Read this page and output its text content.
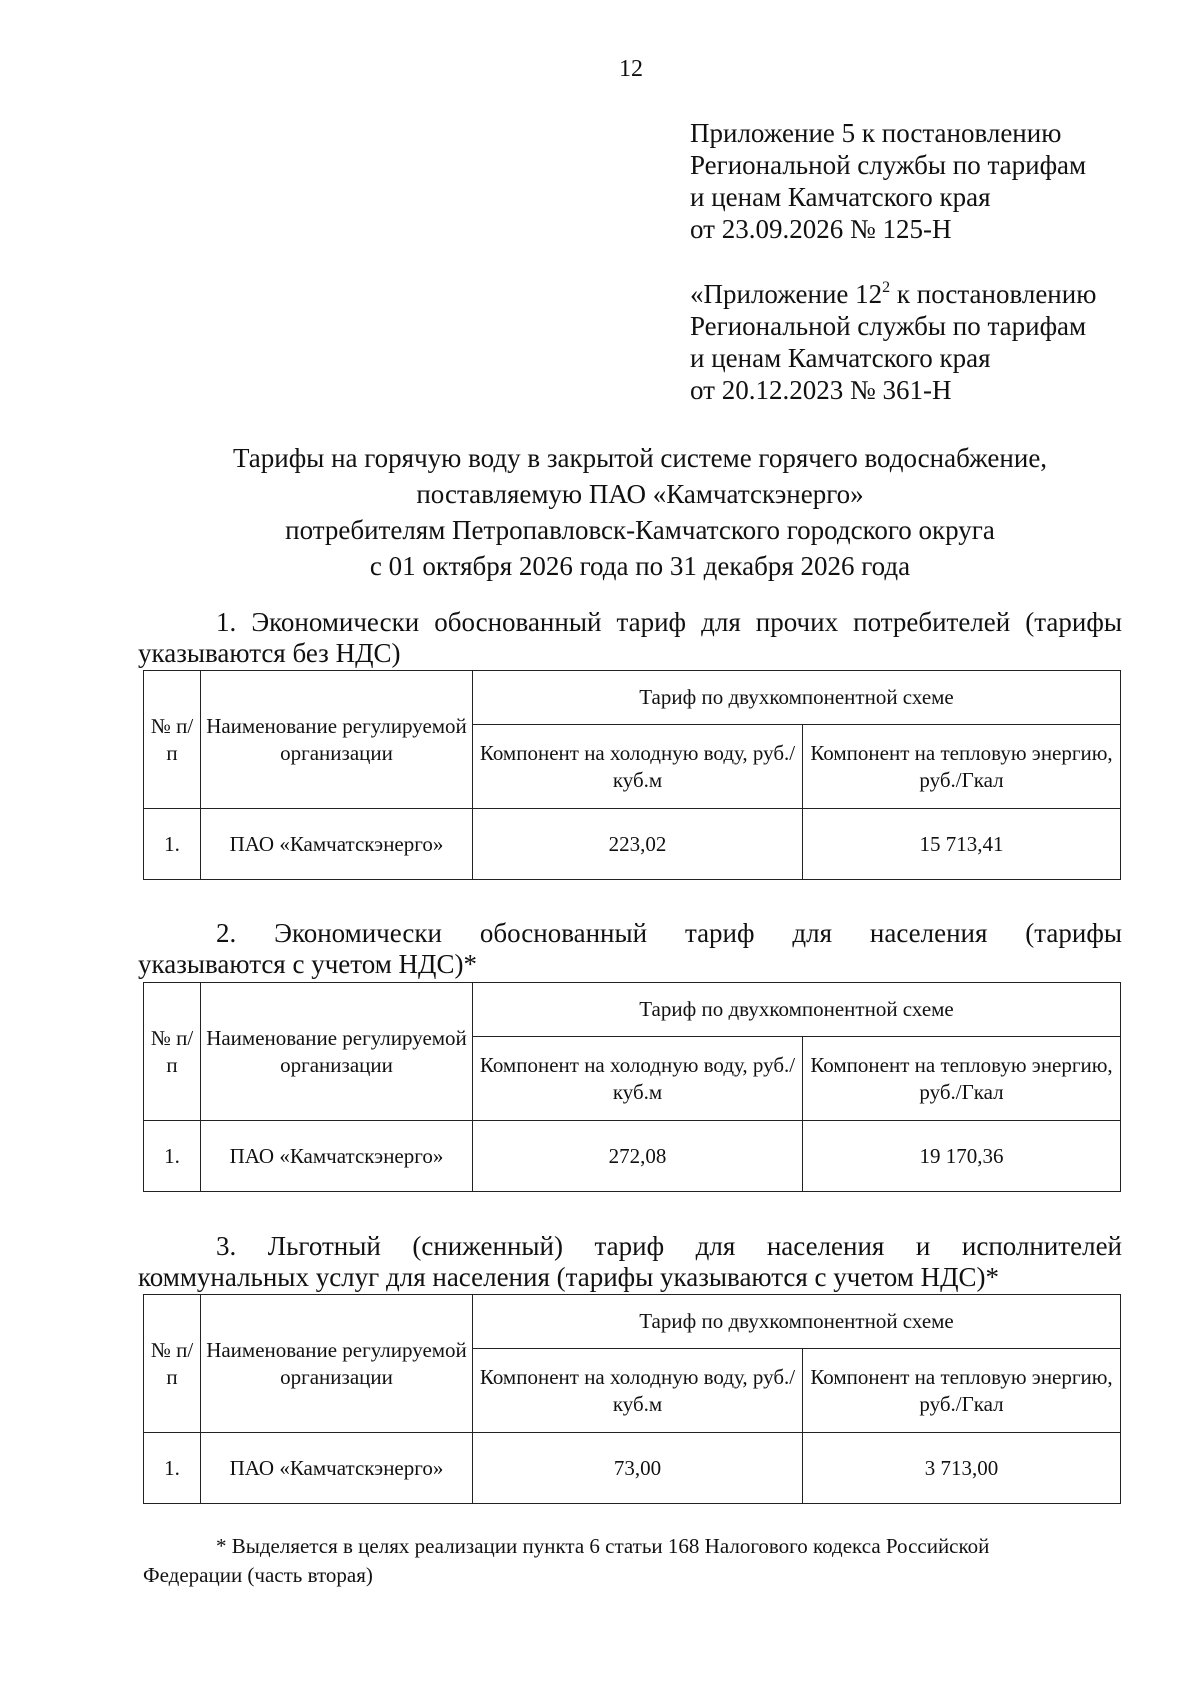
12
Приложение 5 к постановлению
Региональной службы по тарифам
и ценам Камчатского края
от 23.09.2026 № 125-Н
«Приложение $12^2$ к постановлению
Региональной службы по тарифам
и ценам Камчатского края
от 20.12.2023 № 361-Н
Тарифы на горячую воду в закрытой системе горячего водоснабжение,
поставляемую ПАО «Камчатскэнерго»
потребителям Петропавловск-Камчатского городского округа
с 01 октября 2026 года по 31 декабря 2026 года
1. Экономически обоснованный тариф для прочих потребителей (тарифы
указываются без НДС)
№ п/п	Наименование регулируемой организации	Тариф по двухкомпонентной схеме	
		Компонент на холодную воду, руб./куб.м	Компонент на тепловую энергию, руб./Гкал
1.	ПАО «Камчатскэнерго»	223,02	15 713,41
2. Экономически обоснованный тариф для населения (тарифы
указываются с учетом НДС)*
№ п/п	Наименование регулируемой организации	Тариф по двухкомпонентной схеме	
		Компонент на холодную воду, руб./куб.м	Компонент на тепловую энергию, руб./Гкал
1.	ПАО «Камчатскэнерго»	272,08	19 170,36
3. Льготный (сниженный) тариф для населения и исполнителей
коммунальных услуг для населения (тарифы указываются с учетом НДС)*
№ п/п	Наименование регулируемой организации	Тариф по двухкомпонентной схеме	
		Компонент на холодную воду, руб./куб.м	Компонент на тепловую энергию, руб./Гкал
1.	ПАО «Камчатскэнерго»	73,00	3 713,00
* Выделяется в целях реализации пункта 6 статьи 168 Налогового кодекса Российской
Федерации (часть вторая)
